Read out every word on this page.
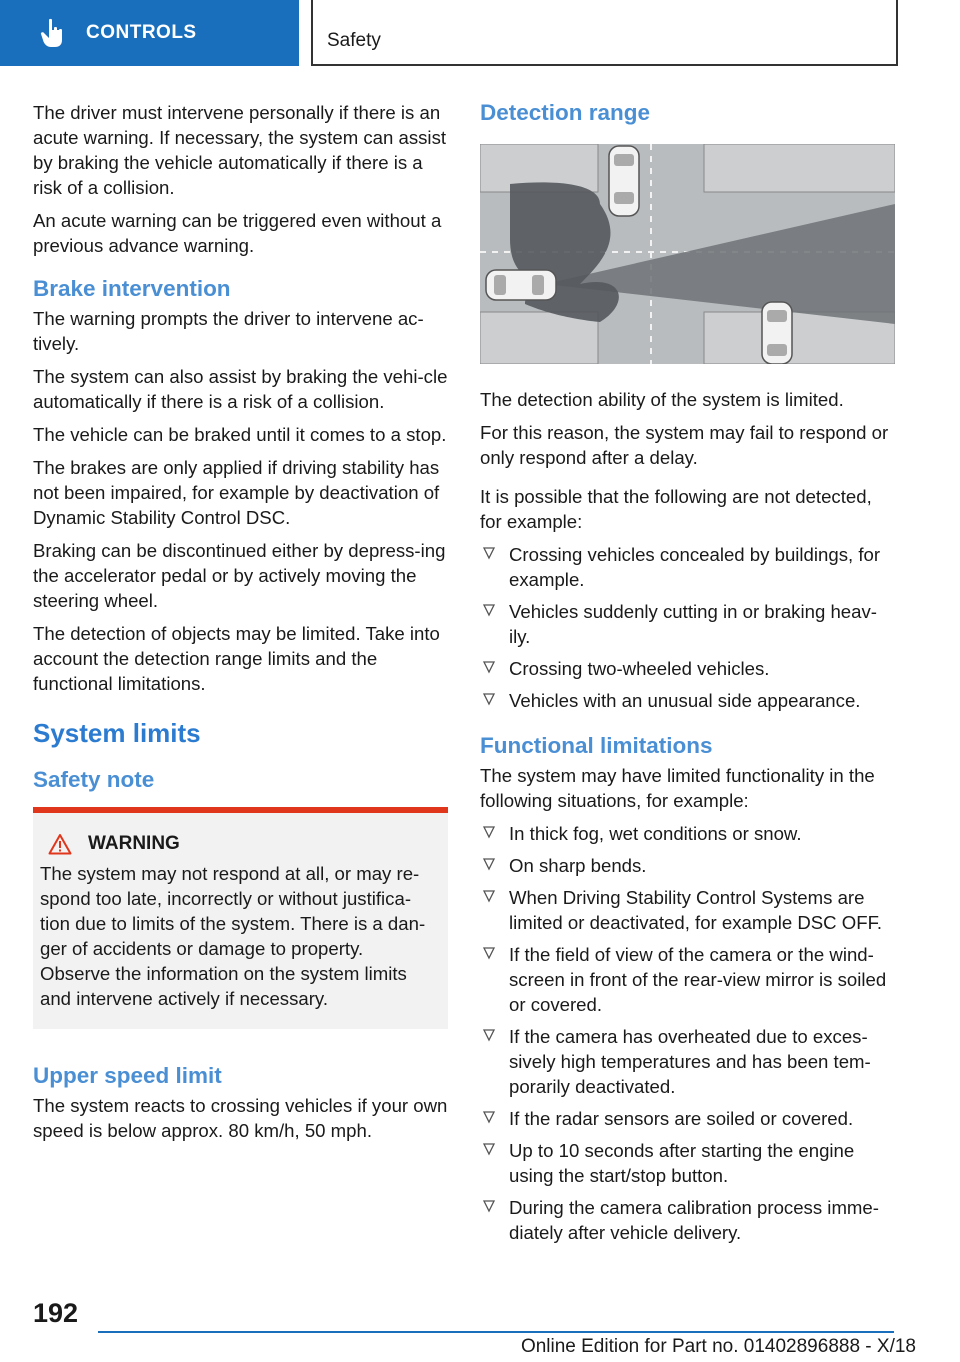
CONTROLS	Safety

The driver must intervene personally if there is an acute warning. If necessary, the system can assist by braking the vehicle automatically if there is a risk of a collision.

An acute warning can be triggered even without a previous advance warning.

Brake intervention

The warning prompts the driver to intervene ac‐tively.

The system can also assist by braking the vehi‐cle automatically if there is a risk of a collision.

The vehicle can be braked until it comes to a stop.

The brakes are only applied if driving stability has not been impaired, for example by deactivation of Dynamic Stability Control DSC.

Braking can be discontinued either by depress‐ing the accelerator pedal or by actively moving the steering wheel.

The detection of objects may be limited. Take into account the detection range limits and the functional limitations.

System limits
Safety note
WARNING

The system may not respond at all, or may re‐spond too late, incorrectly or without justifica‐tion due to limits of the system. There is a dan‐ger of accidents or damage to property.

Observe the information on the system limits and intervene actively if necessary.

Upper speed limit

The system reacts to crossing vehicles if your own speed is below approx. 80 km/h, 50 mph.

Detection range

The detection ability of the system is limited.

For this reason, the system may fail to respond or only respond after a delay.

It is possible that the following are not detected, for example:

Crossing vehicles concealed by buildings, for example.
Vehicles suddenly cutting in or braking heav‐ily.
Crossing two-wheeled vehicles.
Vehicles with an unusual side appearance.
Functional limitations

The system may have limited functionality in the following situations, for example:

In thick fog, wet conditions or snow.
On sharp bends.
When Driving Stability Control Systems are limited or deactivated, for example DSC OFF.
If the field of view of the camera or the wind‐screen in front of the rear-view mirror is soiled or covered.
If the camera has overheated due to exces‐sively high temperatures and has been tem‐porarily deactivated.
If the radar sensors are soiled or covered.
Up to 10 seconds after starting the engine using the start/stop button.
During the camera calibration process imme‐diately after vehicle delivery.
192
Online Edition for Part no. 01402896888 - X/18
